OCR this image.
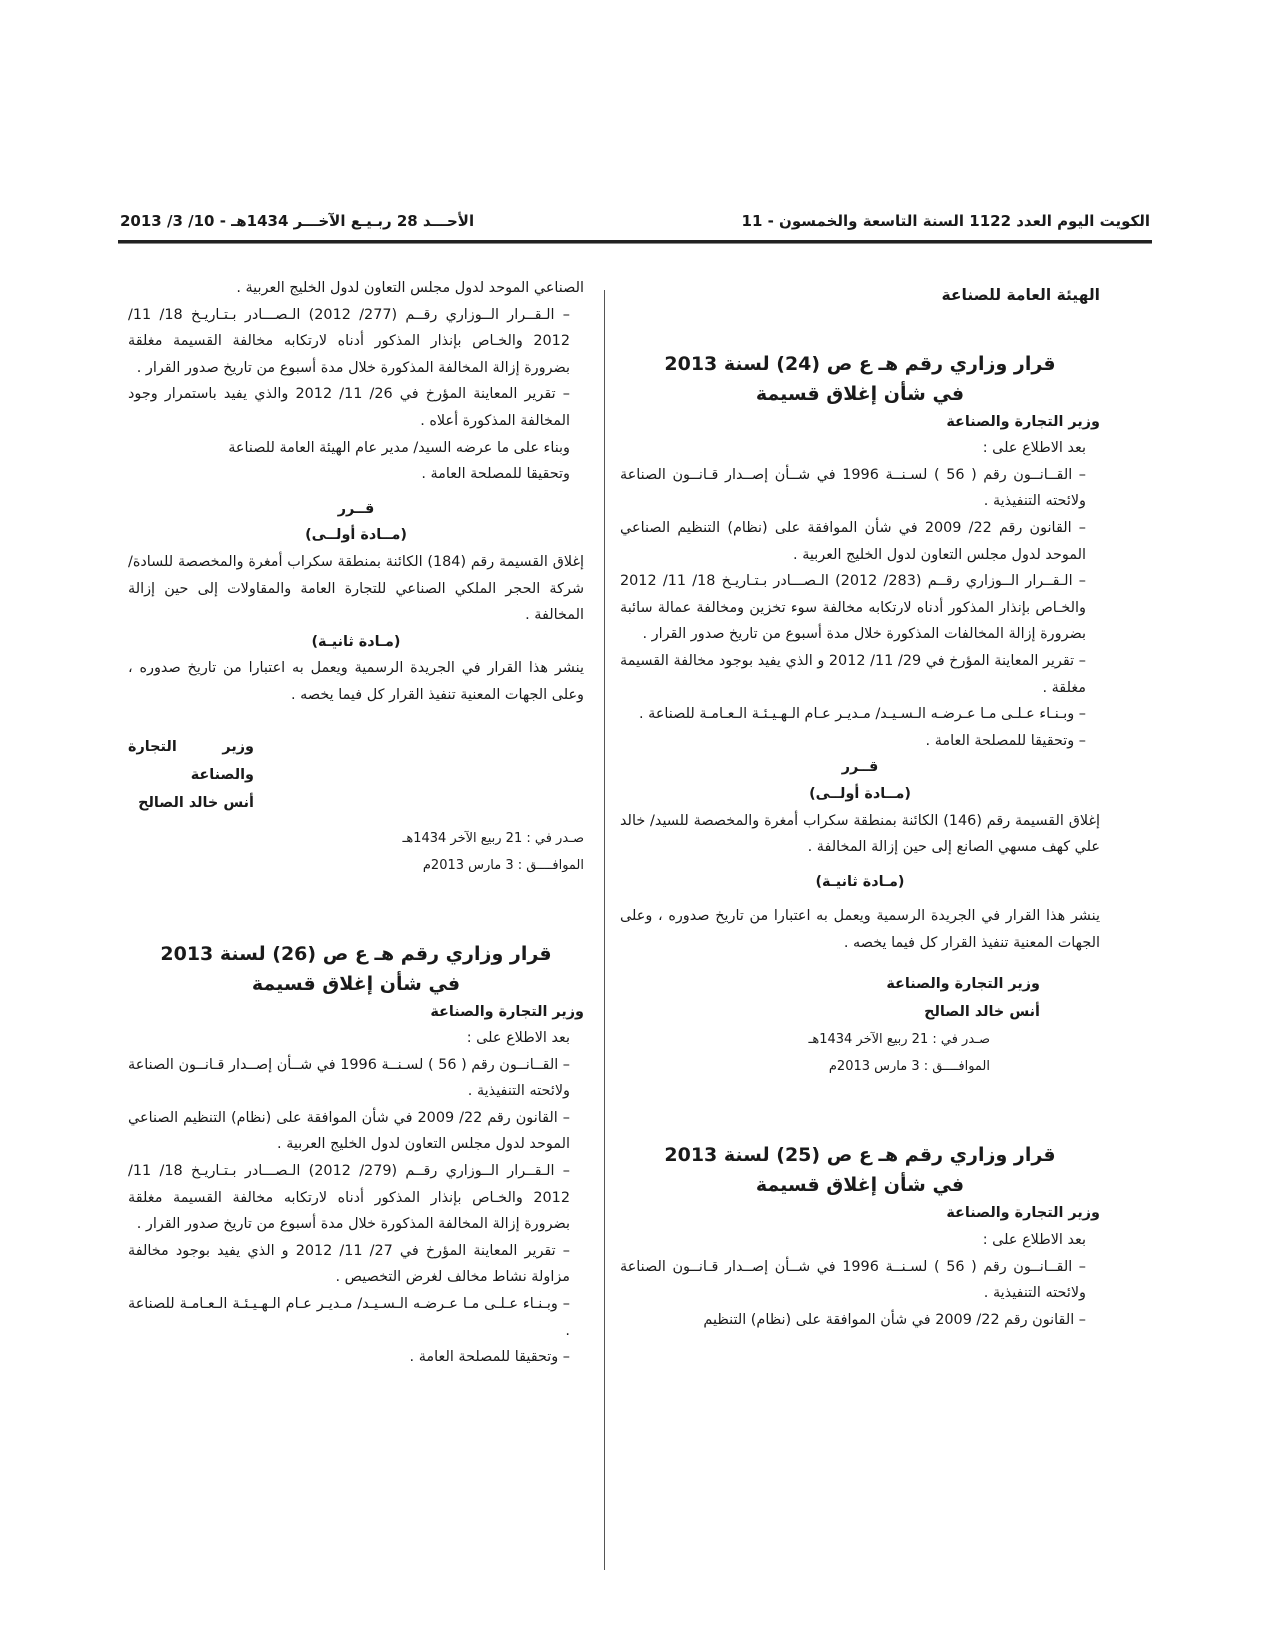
الكويت اليوم العدد 1122 السنة التاسعة والخمسون - 11
الأحـــد 28 ربـيـع الآخـــر 1434هـ - 10/ 3/ 2013

الهيئة العامة للصناعة

قرار وزاري رقم هـ ع ص (24) لسنة 2013

في شأن إغلاق قسيمة

وزير التجارة والصناعة

بعد الاطلاع على :

– القــانــون رقم ( 56 ) لسـنــة 1996 في شــأن إصــدار قـانــون الصناعة ولائحته التنفيذية .

– القانون رقم 22/ 2009 في شأن الموافقة على (نظام) التنظيم الصناعي الموحد لدول مجلس التعاون لدول الخليج العربية .

– الـقــرار الــوزاري رقــم (283/ 2012) الـصـــادر بـتـاريـخ 18/ 11/ 2012 والخـاص بإنذار المذكور أدناه لارتكابه مخالفة سوء تخزين ومخالفة عمالة سائبة بضرورة إزالة المخالفات المذكورة خلال مدة أسبوع من تاريخ صدور القرار .

– تقرير المعاينة المؤرخ في 29/ 11/ 2012 و الذي يفيد بوجود مخالفة القسيمة مغلقة .

– وبـنـاء عـلـى مـا عـرضـه الـسـيـد/ مـديـر عـام الـهـيـئـة الـعـامـة للصناعة .

– وتحقيقا للمصلحة العامة .

قــرر

(مــادة أولــى)

إغلاق القسيمة رقم (146) الكائنة بمنطقة سكراب أمغرة والمخصصة للسيد/ خالد علي كهف مسهي الصانع إلى حين إزالة المخالفة .

(مـادة ثانيـة)

ينشر هذا القرار في الجريدة الرسمية ويعمل به اعتبارا من تاريخ صدوره ، وعلى الجهات المعنية تنفيذ القرار كل فيما يخصه .

وزير التجارة والصناعة

أنس خالد الصالح

صـدر في : 21 ربيع الآخر 1434هـ

الموافــــق : 3 مارس 2013م

قرار وزاري رقم هـ ع ص (25) لسنة 2013

في شأن إغلاق قسيمة

وزير التجارة والصناعة

بعد الاطلاع على :

– القــانــون رقم ( 56 ) لسـنــة 1996 في شــأن إصــدار قـانــون الصناعة ولائحته التنفيذية .

– القانون رقم 22/ 2009 في شأن الموافقة على (نظام) التنظيم

الصناعي الموحد لدول مجلس التعاون لدول الخليج العربية .

– الـقــرار الــوزاري رقــم (277/ 2012) الـصـــادر بـتـاريـخ 18/ 11/ 2012 والخـاص بإنذار المذكور أدناه لارتكابه مخالفة القسيمة مغلقة بضرورة إزالة المخالفة المذكورة خلال مدة أسبوع من تاريخ صدور القرار .

– تقرير المعاينة المؤرخ في 26/ 11/ 2012 والذي يفيد باستمرار وجود المخالفة المذكورة أعلاه .

وبناء على ما عرضه السيد/ مدير عام الهيئة العامة للصناعة

وتحقيقا للمصلحة العامة .

قــرر

(مــادة أولــى)

إغلاق القسيمة رقم (184) الكائنة بمنطقة سكراب أمغرة والمخصصة للسادة/ شركة الحجر الملكي الصناعي للتجارة العامة والمقاولات إلى حين إزالة المخالفة .

(مـادة ثانيـة)

ينشر هذا القرار في الجريدة الرسمية ويعمل به اعتبارا من تاريخ صدوره ، وعلى الجهات المعنية تنفيذ القرار كل فيما يخصه .

وزير التجارة والصناعة

أنس خالد الصالح

صـدر في : 21 ربيع الآخر 1434هـ

الموافــــق : 3 مارس 2013م

قرار وزاري رقم هـ ع ص (26) لسنة 2013

في شأن إغلاق قسيمة

وزير التجارة والصناعة

بعد الاطلاع على :

– القــانــون رقم ( 56 ) لسـنــة 1996 في شــأن إصــدار قـانــون الصناعة ولائحته التنفيذية .

– القانون رقم 22/ 2009 في شأن الموافقة على (نظام) التنظيم الصناعي الموحد لدول مجلس التعاون لدول الخليج العربية .

– الـقــرار الــوزاري رقــم (279/ 2012) الـصـــادر بـتـاريـخ 18/ 11/ 2012 والخـاص بإنذار المذكور أدناه لارتكابه مخالفة القسيمة مغلقة بضرورة إزالة المخالفة المذكورة خلال مدة أسبوع من تاريخ صدور القرار .

– تقرير المعاينة المؤرخ في 27/ 11/ 2012 و الذي يفيد بوجود مخالفة مزاولة نشاط مخالف لغرض التخصيص .

– وبـنـاء عـلـى مـا عـرضـه الـسـيـد/ مـديـر عـام الـهـيـئـة الـعـامـة للصناعة .

– وتحقيقا للمصلحة العامة .
